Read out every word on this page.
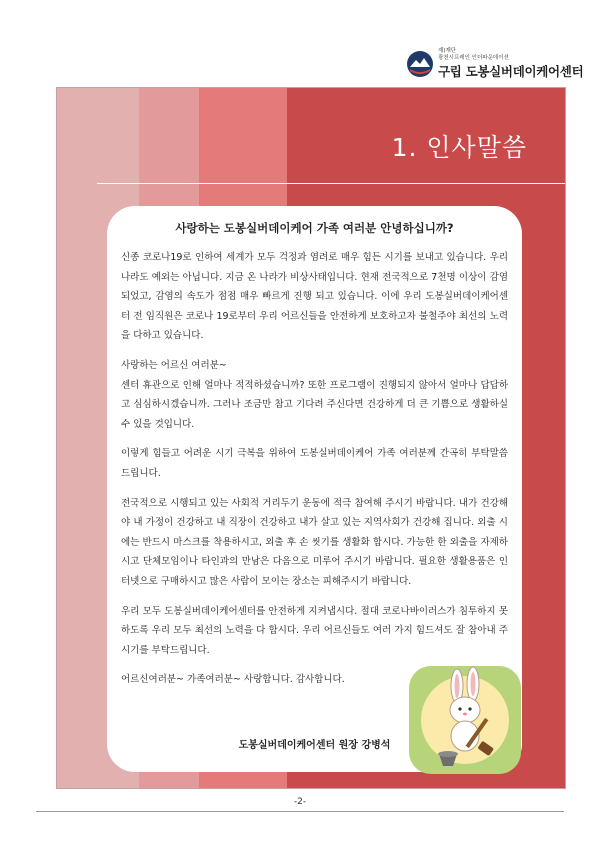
재)재단
광천시프레인 인더파운데이션
구립 도봉실버데이케어센터
1. 인사말씀
사랑하는 도봉실버데이케어 가족 여러분 안녕하십니까?

신종 코로나19로 인하여 세계가 모두 걱정과 염려로 매우 힘든 시기를 보내고 있습니다. 우리나라도 예외는 아닙니다. 지금 온 나라가 비상사태입니다. 현재 전국적으로 7천명 이상이 감염되었고, 감염의 속도가 점점 매우 빠르게 진행 되고 있습니다. 이에 우리 도봉실버데이케어센터 전 임직원은 코로나 19로부터 우리 어르신들을 안전하게 보호하고자 불철주야 최선의 노력을 다하고 있습니다.

사랑하는 어르신 여러분~

센터 휴관으로 인해 얼마나 적적하셨습니까? 또한 프로그램이 진행되지 않아서 얼마나 답답하고 심심하시겠습니까. 그러나 조금만 참고 기다려 주신다면 건강하게 더 큰 기쁨으로 생활하실 수 있을 것입니다.

이렇게 힘들고 어려운 시기 극복을 위하여 도봉실버데이케어 가족 여러분께 간곡히 부탁말씀 드립니다.

전국적으로 시행되고 있는 사회적 거리두기 운동에 적극 참여해 주시기 바랍니다. 내가 건강해야 내 가정이 건강하고 내 직장이 건강하고 내가 살고 있는 지역사회가 건강해 집니다. 외출 시에는 반드시 마스크를 착용하시고, 외출 후 손 씻기를 생활화 합시다. 가능한 한 외출을 자제하시고 단체모임이나 타인과의 만남은 다음으로 미루어 주시기 바랍니다. 필요한 생활용품은 인터넷으로 구매하시고 많은 사람이 모이는 장소는 피해주시기 바랍니다.

우리 모두 도봉실버데이케어센터를 안전하게 지켜냅시다. 절대 코로나바이러스가 침투하지 못하도록 우리 모두 최선의 노력을 다 합시다. 우리 어르신들도 여러 가지 힘드셔도 잘 참아내 주시기를 부탁드립니다.

어르신여러분~ 가족여러분~ 사랑합니다. 감사합니다.

도봉실버데이케어센터 원장 강병석
-2-
